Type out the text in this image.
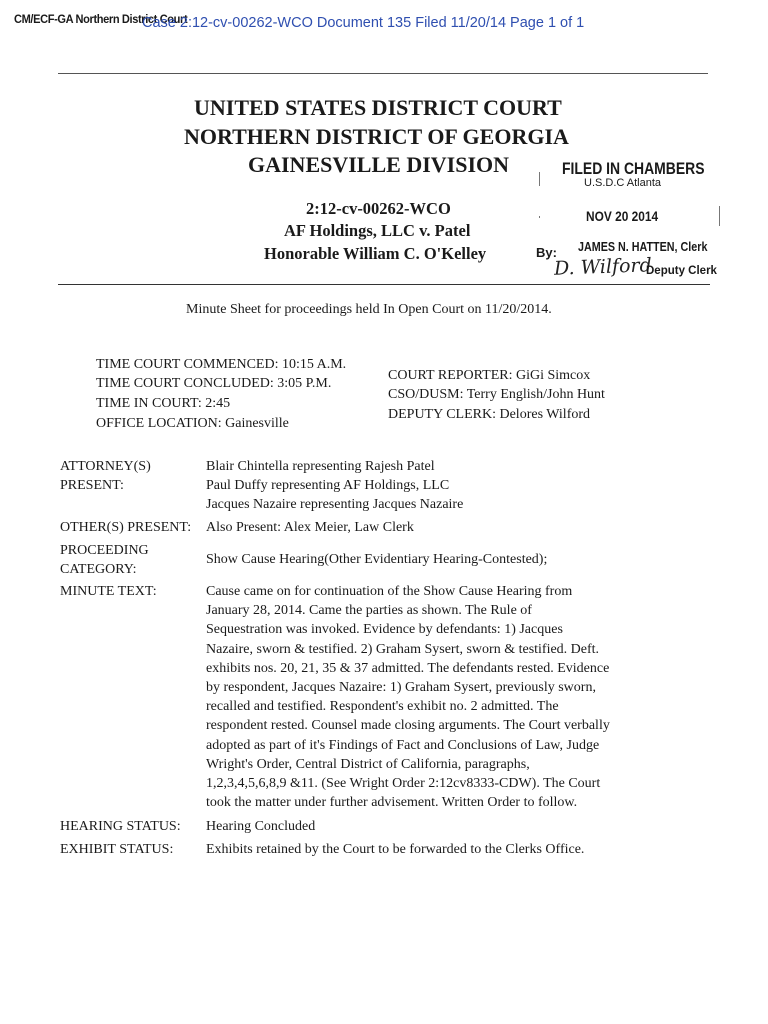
CM/ECF-GA Northern District Court
Case 2:12-cv-00262-WCO Document 135 Filed 11/20/14 Page 1 of 1
UNITED STATES DISTRICT COURT
NORTHERN DISTRICT OF GEORGIA
GAINESVILLE DIVISION
2:12-cv-00262-WCO
AF Holdings, LLC v. Patel
Honorable William C. O'Kelley
FILED IN CHAMBERS
U.S.D.C Atlanta
NOV 20 2014
JAMES N. HATTEN, Clerk
By:
D. Wilford
Deputy Clerk
Minute Sheet for proceedings held In Open Court on 11/20/2014.
TIME COURT COMMENCED: 10:15 A.M.
TIME COURT CONCLUDED: 3:05 P.M.
TIME IN COURT: 2:45
OFFICE LOCATION: Gainesville
COURT REPORTER: GiGi Simcox
CSO/DUSM: Terry English/John Hunt
DEPUTY CLERK: Delores Wilford
ATTORNEY(S)
PRESENT:
Blair Chintella representing Rajesh Patel
Paul Duffy representing AF Holdings, LLC
Jacques Nazaire representing Jacques Nazaire
OTHER(S) PRESENT: Also Present: Alex Meier, Law Clerk
PROCEEDING
CATEGORY:
Show Cause Hearing(Other Evidentiary Hearing-Contested);
MINUTE TEXT:	Cause came on for continuation of the Show Cause Hearing from
January 28, 2014. Came the parties as shown. The Rule of
Sequestration was invoked. Evidence by defendants: 1) Jacques
Nazaire, sworn & testified. 2) Graham Sysert, sworn & testified. Deft.
exhibits nos. 20, 21, 35 & 37 admitted. The defendants rested. Evidence
by respondent, Jacques Nazaire: 1) Graham Sysert, previously sworn,
recalled and testified. Respondent's exhibit no. 2 admitted. The
respondent rested. Counsel made closing arguments. The Court verbally
adopted as part of it's Findings of Fact and Conclusions of Law, Judge
Wright's Order, Central District of California, paragraphs,
1,2,3,4,5,6,8,9 &11. (See Wright Order 2:12cv8333-CDW). The Court
took the matter under further advisement. Written Order to follow.
HEARING STATUS: Hearing Concluded
EXHIBIT STATUS: Exhibits retained by the Court to be forwarded to the Clerks Office.
